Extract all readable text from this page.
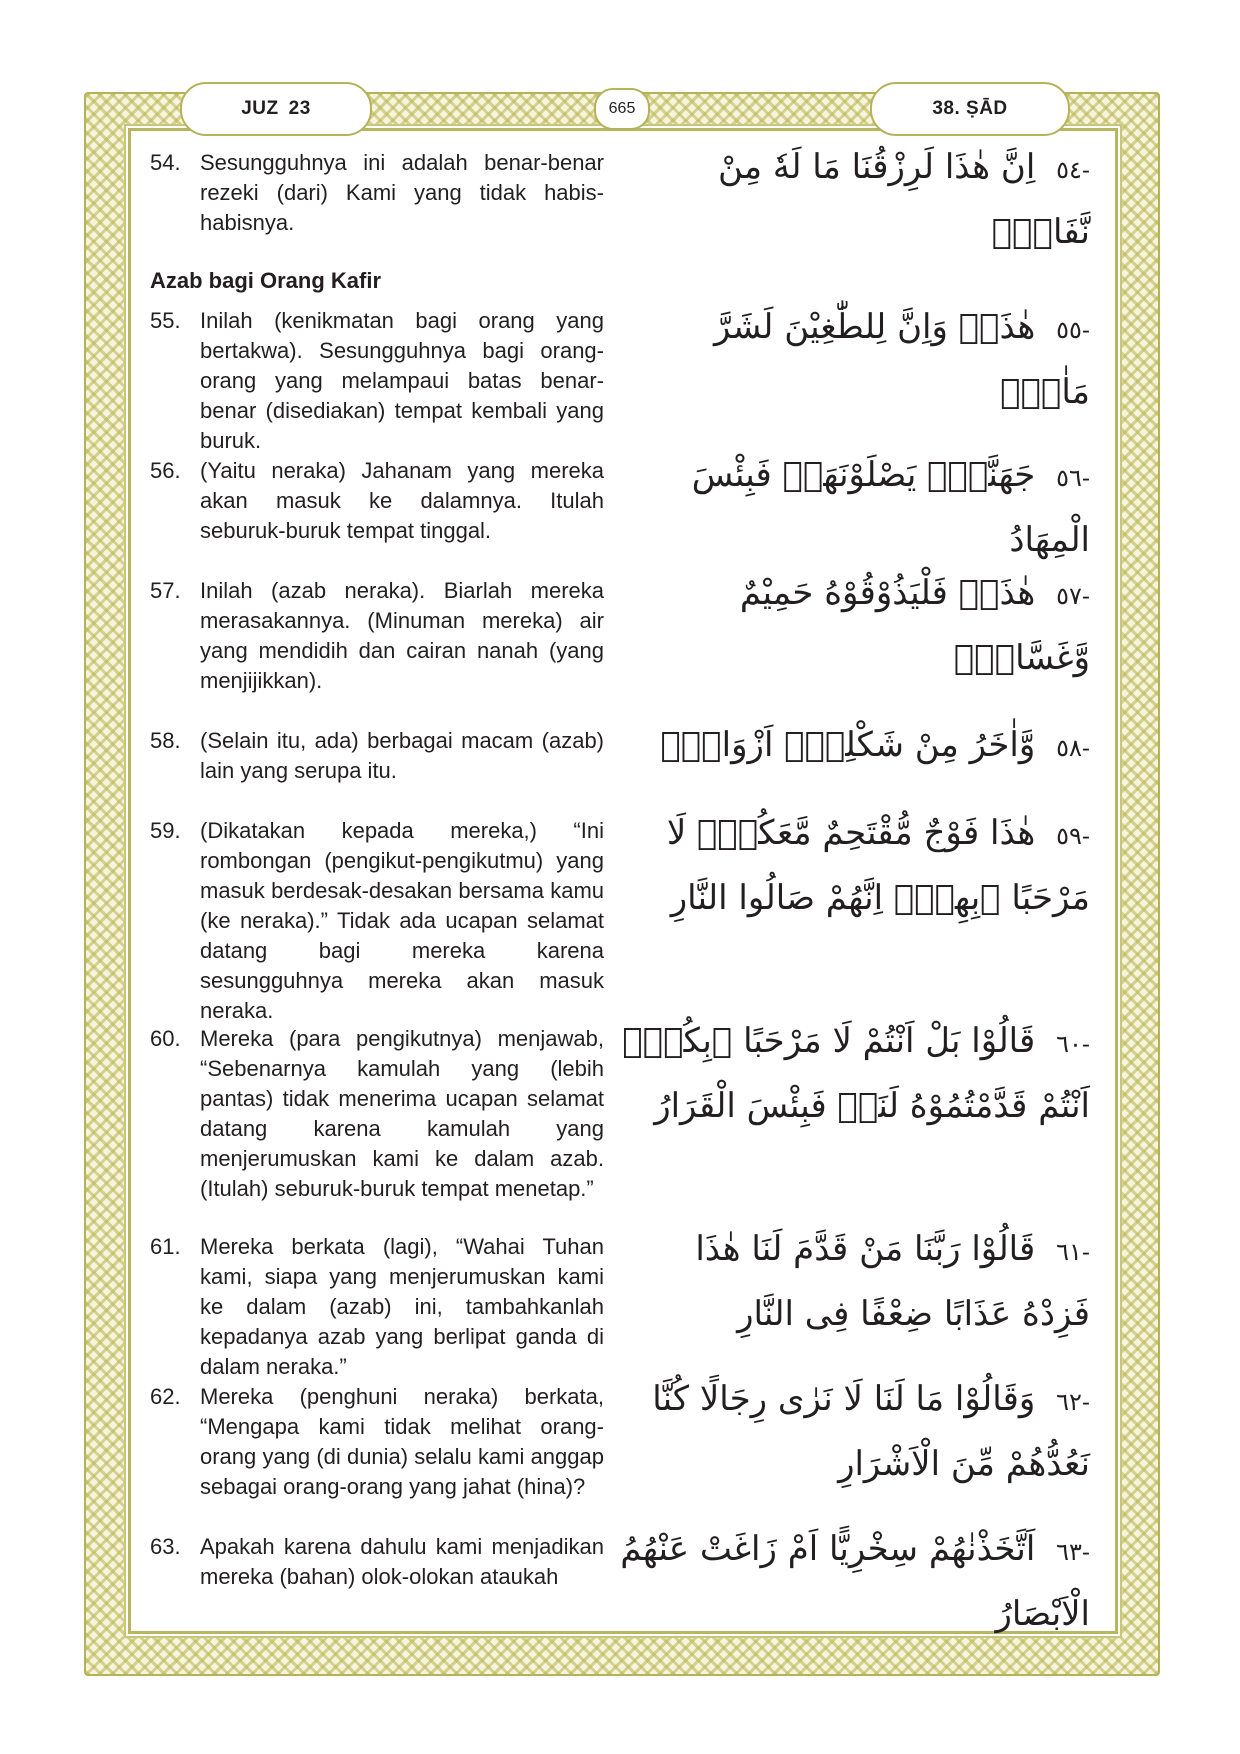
JUZ 23	665	38. ṢĀD
54. Sesungguhnya ini adalah benar-benar rezeki (dari) Kami yang tidak habis-habisnya.
-٥٤ اِنَّ هٰذَا لَرِزْقُنَا مَا لَهٗ مِنْ نَّفَادٍۚ
Azab bagi Orang Kafir
55. Inilah (kenikmatan bagi orang yang bertakwa). Sesungguhnya bagi orang-orang yang melampaui batas benar-benar (disediakan) tempat kembali yang buruk.
-٥٥ هٰذَاۗ وَاِنَّ لِلطّٰغِيْنَ لَشَرَّ مَاٰبٍۙ
56. (Yaitu neraka) Jahanam yang mereka akan masuk ke dalamnya. Itulah seburuk-buruk tempat tinggal.
-٥٦ جَهَنَّمَۚ يَصْلَوْنَهَاۚ فَبِئْسَ الْمِهَادُ
57. Inilah (azab neraka). Biarlah mereka merasakannya. (Minuman mereka) air yang mendidih dan cairan nanah (yang menjijikkan).
-٥٧ هٰذَاۙ فَلْيَذُوْقُوْهُ حَمِيْمٌ وَّغَسَّاقٌۙ
58. (Selain itu, ada) berbagai macam (azab) lain yang serupa itu.
-٥٨ وَّاٰخَرُ مِنْ شَكْلِهٖٓ اَزْوَاجٌۗ
59. (Dikatakan kepada mereka,) “Ini rombongan (pengikut-pengikutmu) yang masuk berdesak-desakan bersama kamu (ke neraka).” Tidak ada ucapan selamat datang bagi mereka karena sesungguhnya mereka akan masuk neraka.
-٥٩ هٰذَا فَوْجٌ مُّقْتَحِمٌ مَّعَكُمْۚ لَا مَرْحَبًا ۢبِهِمْۗ اِنَّهُمْ صَالُوا النَّارِ
60. Mereka (para pengikutnya) menjawab, “Sebenarnya kamulah yang (lebih pantas) tidak menerima ucapan selamat datang karena kamulah yang menjerumuskan kami ke dalam azab. (Itulah) seburuk-buruk tempat menetap.”
-٦٠ قَالُوْا بَلْ اَنْتُمْ لَا مَرْحَبًا ۢبِكُمْۗ اَنْتُمْ قَدَّمْتُمُوْهُ لَنَاۚ فَبِئْسَ الْقَرَارُ
61. Mereka berkata (lagi), “Wahai Tuhan kami, siapa yang menjerumuskan kami ke dalam (azab) ini, tambahkanlah kepadanya azab yang berlipat ganda di dalam neraka.”
-٦١ قَالُوْا رَبَّنَا مَنْ قَدَّمَ لَنَا هٰذَا فَزِدْهُ عَذَابًا ضِعْفًا فِى النَّارِ
62. Mereka (penghuni neraka) berkata, “Mengapa kami tidak melihat orang-orang yang (di dunia) selalu kami anggap sebagai orang-orang yang jahat (hina)?
-٦٢ وَقَالُوْا مَا لَنَا لَا نَرٰى رِجَالًا كُنَّا نَعُدُّهُمْ مِّنَ الْاَشْرَارِ
63. Apakah karena dahulu kami menjadikan mereka (bahan) olok-olokan ataukah
-٦٣ اَتَّخَذْنٰهُمْ سِخْرِيًّا اَمْ زَاغَتْ عَنْهُمُ الْاَبْصَارُ
